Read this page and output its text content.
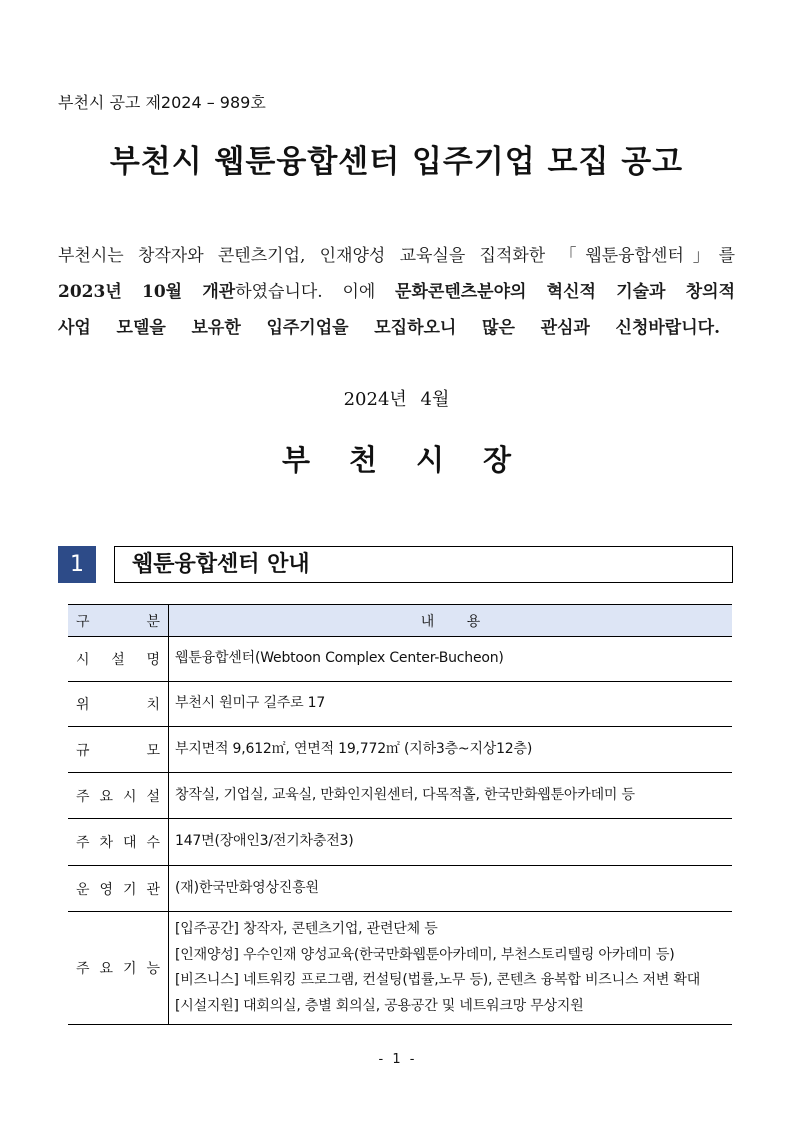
부천시 공고 제2024 – 989호
부천시 웹툰융합센터 입주기업 모집 공고
부천시는 창작자와 콘텐츠기업, 인재양성 교육실을 집적화한 「웹툰융합센터」를
2023년 10월 개관하였습니다. 이에 문화콘텐츠분야의 혁신적 기술과 창의적
사업 모델을 보유한 입주기업을 모집하오니 많은 관심과 신청바랍니다.
2024년 4월
부 천 시 장
1	웹툰융합센터 안내
구 분	내 용

시 설 명	웹툰융합센터(Webtoon Complex Center-Bucheon)

위 치	부천시 원미구 길주로 17

규 모	부지면적 9,612㎡, 연면적 19,772㎡ (지하3층~지상12층)

주 요 시 설	창작실, 기업실, 교육실, 만화인지원센터, 다목적홀, 한국만화웹툰아카데미 등

주 차 대 수	147면(장애인3/전기차충전3)

운 영 기 관	(재)한국만화영상진흥원

주 요 기 능	[입주공간] 창작자, 콘텐츠기업, 관련단체 등
[인재양성] 우수인재 양성교육(한국만화웹툰아카데미, 부천스토리텔링 아카데미 등)
[비즈니스] 네트워킹 프로그램, 컨설팅(법률,노무 등), 콘텐츠 융복합 비즈니스 저변 확대
[시설지원] 대회의실, 층별 회의실, 공용공간 및 네트워크망 무상지원
- 1 -
